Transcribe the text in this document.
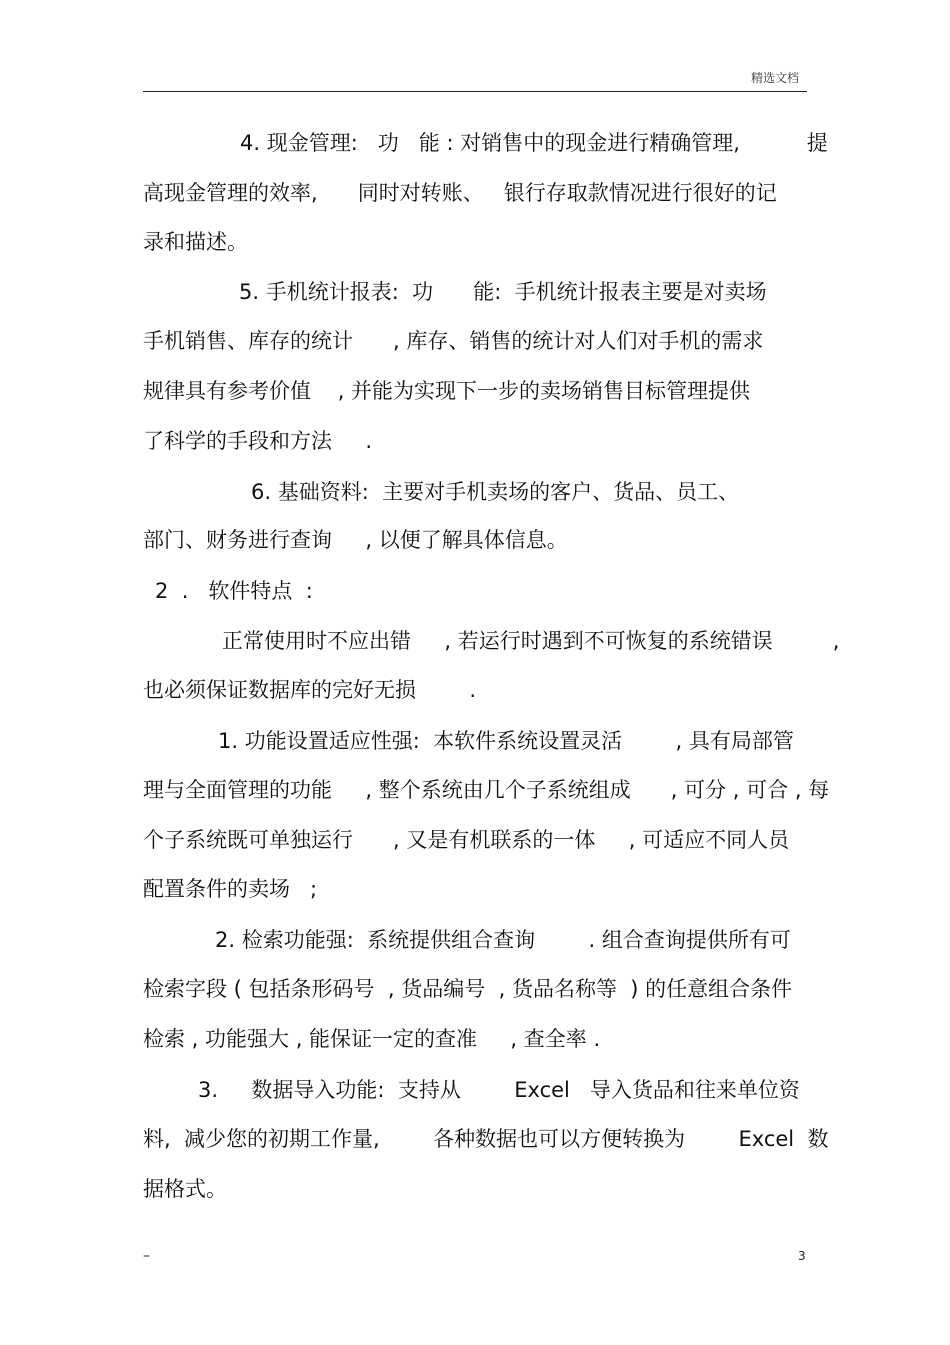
精选文档
4. 现金管理:   功   能 : 对销售中的现金进行精确管理,          提
高现金管理的效率,      同时对转账、   银行存取款情况进行很好的记
录和描述。
5. 手机统计报表:  功      能:  手机统计报表主要是对卖场
手机销售、库存的统计      , 库存、销售的统计对人们对手机的需求
规律具有参考价值    , 并能为实现下一步的卖场销售目标管理提供
了科学的手段和方法     .
6. 基础资料:  主要对手机卖场的客户、货品、员工、
部门、财务进行查询     , 以便了解具体信息。
2  .   软件特点  :
正常使用时不应出错     , 若运行时遇到不可恢复的系统错误         ,
也必须保证数据库的完好无损        .
1. 功能设置适应性强:  本软件系统设置灵活        , 具有局部管
理与全面管理的功能     , 整个系统由几个子系统组成      , 可分 , 可合 , 每
个子系统既可单独运行      , 又是有机联系的一体     , 可适应不同人员
配置条件的卖场   ;
2. 检索功能强:  系统提供组合查询        . 组合查询提供所有可
检索字段 ( 包括条形码号  , 货品编号  , 货品名称等  ) 的任意组合条件
检索 , 功能强大 , 能保证一定的查准     , 查全率 .
3.     数据导入功能:  支持从        Excel   导入货品和往来单位资
料,  减少您的初期工作量,        各种数据也可以方便转换为        Excel  数
据格式。
–	3
